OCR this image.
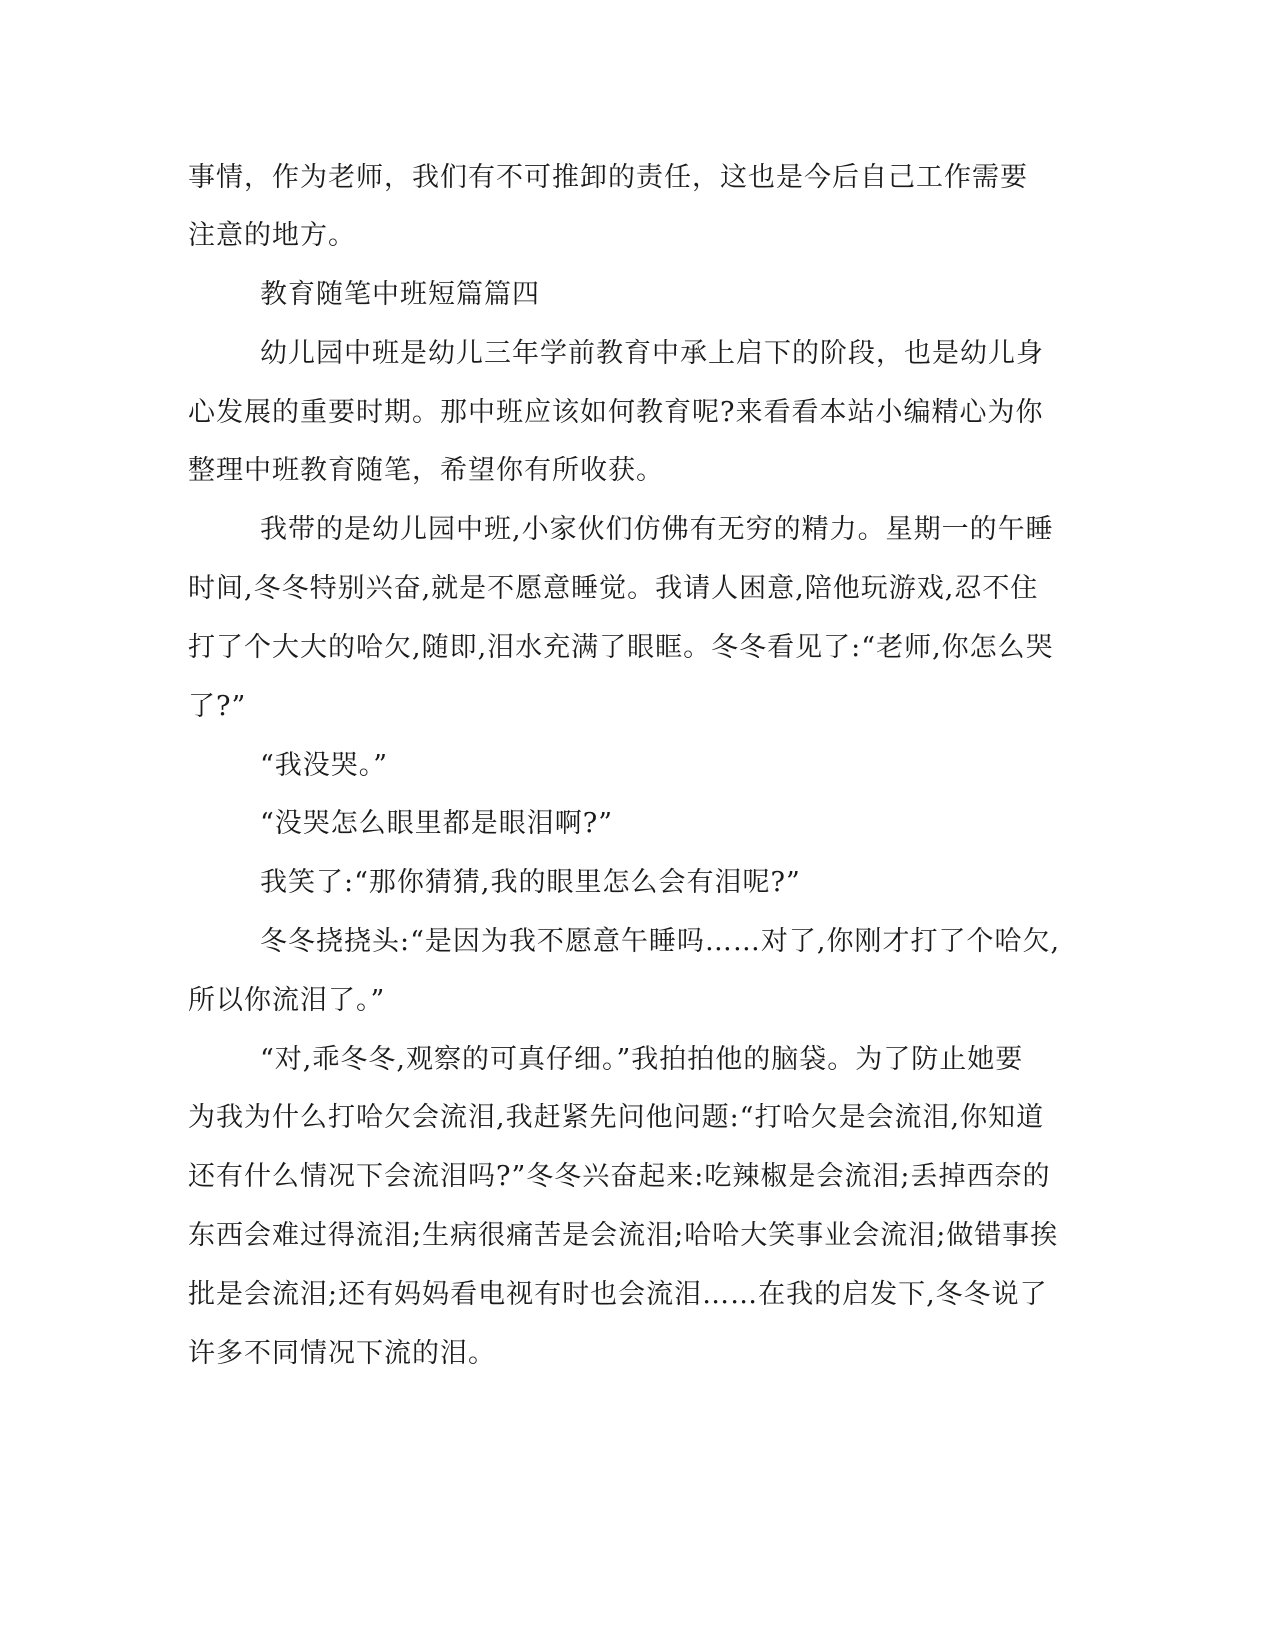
事情，作为老师，我们有不可推卸的责任，这也是今后自己工作需要
注意的地方。
教育随笔中班短篇篇四
幼儿园中班是幼儿三年学前教育中承上启下的阶段，也是幼儿身
心发展的重要时期。那中班应该如何教育呢?来看看本站小编精心为你
整理中班教育随笔，希望你有所收获。
我带的是幼儿园中班,小家伙们仿佛有无穷的精力。星期一的午睡
时间,冬冬特别兴奋,就是不愿意睡觉。我请人困意,陪他玩游戏,忍不住
打了个大大的哈欠,随即,泪水充满了眼眶。冬冬看见了:“老师,你怎么哭
了?”
“我没哭。”
“没哭怎么眼里都是眼泪啊?”
我笑了:“那你猜猜,我的眼里怎么会有泪呢?”
冬冬挠挠头:“是因为我不愿意午睡吗……对了,你刚才打了个哈欠,
所以你流泪了。”
“对,乖冬冬,观察的可真仔细。”我拍拍他的脑袋。为了防止她要
为我为什么打哈欠会流泪,我赶紧先问他问题:“打哈欠是会流泪,你知道
还有什么情况下会流泪吗?”冬冬兴奋起来:吃辣椒是会流泪;丢掉西奈的
东西会难过得流泪;生病很痛苦是会流泪;哈哈大笑事业会流泪;做错事挨
批是会流泪;还有妈妈看电视有时也会流泪……在我的启发下,冬冬说了
许多不同情况下流的泪。
